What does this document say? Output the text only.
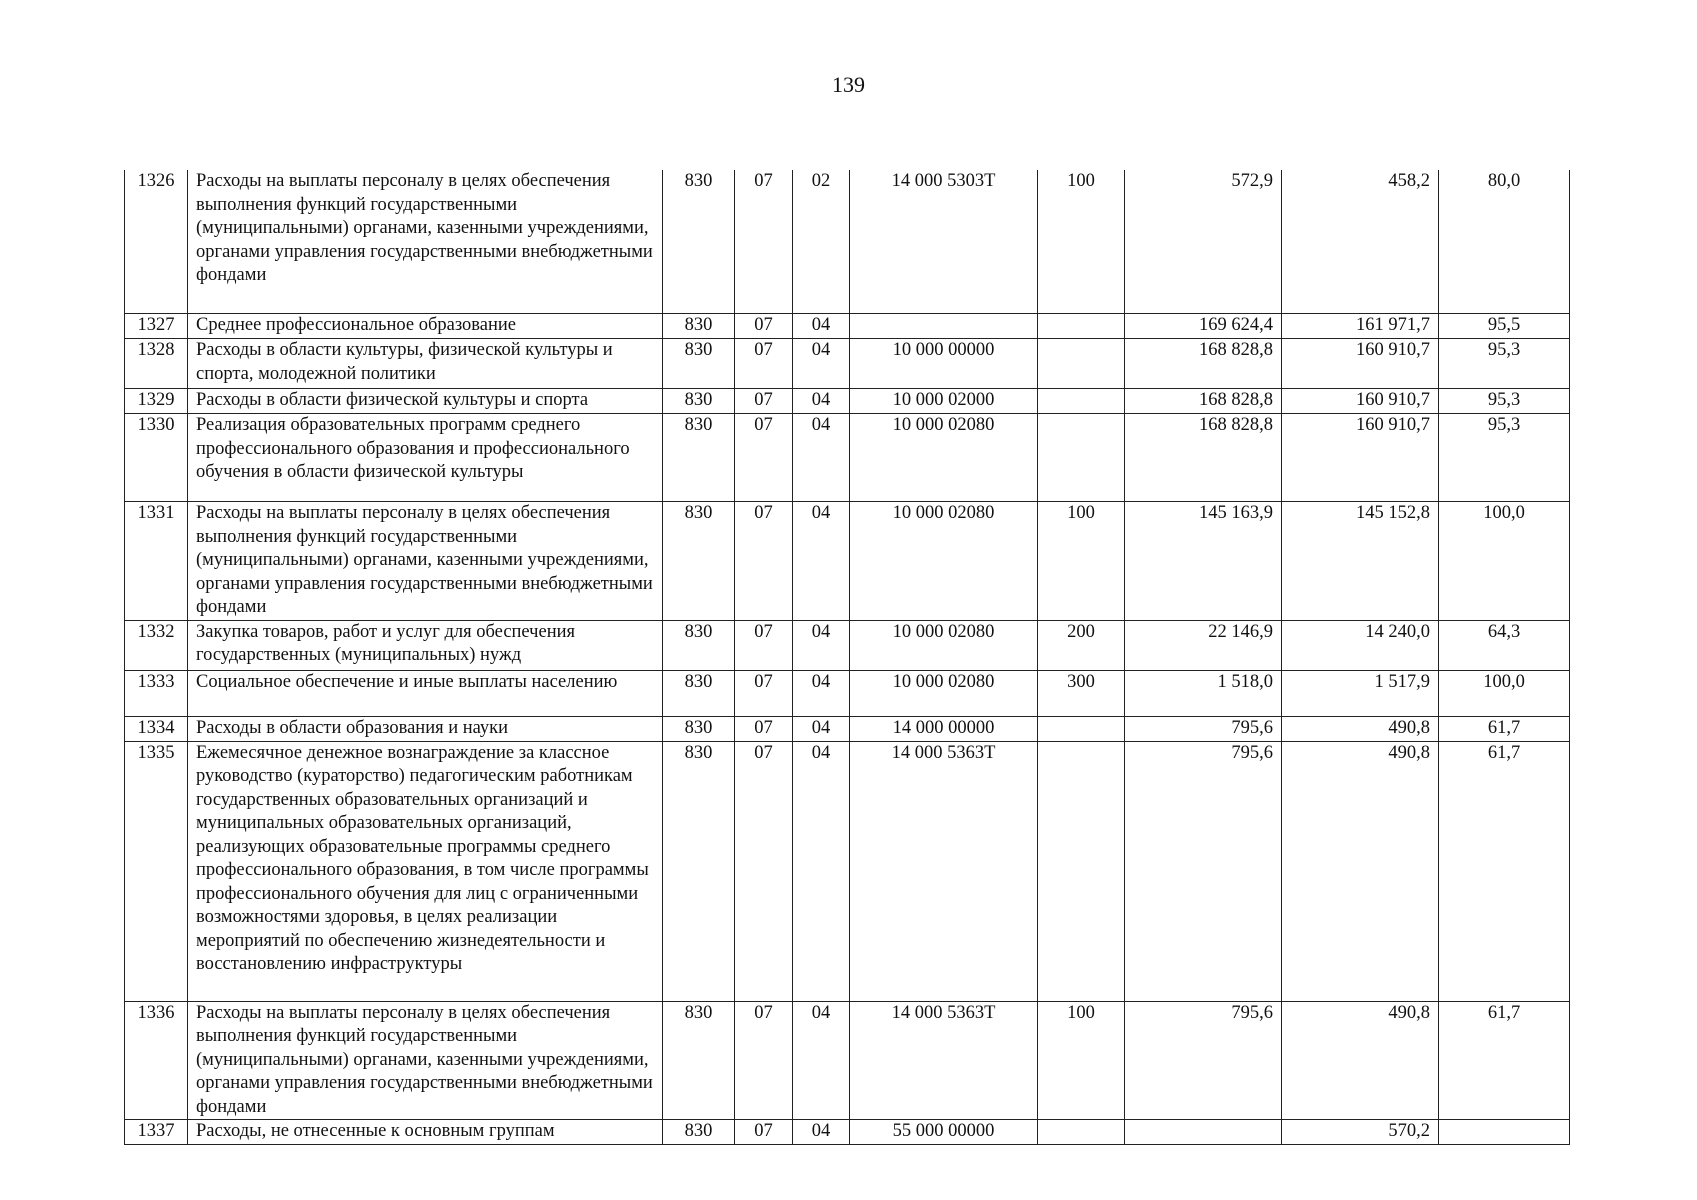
139
1326	Расходы на выплаты персоналу в целях обеспечения выполнения функций государственными (муниципальными) органами, казенными учреждениями, органами управления государственными внебюджетными фондами	830	07	02	14 000 5303Т	100	572,9	458,2	80,0
1327	Среднее профессиональное образование	830	07	04			169 624,4	161 971,7	95,5
1328	Расходы в области культуры, физической культуры и спорта, молодежной политики	830	07	04	10 000 00000		168 828,8	160 910,7	95,3
1329	Расходы в области физической культуры и спорта	830	07	04	10 000 02000		168 828,8	160 910,7	95,3
1330	Реализация образовательных программ среднего профессионального образования и профессионального обучения в области физической культуры	830	07	04	10 000 02080		168 828,8	160 910,7	95,3
1331	Расходы на выплаты персоналу в целях обеспечения выполнения функций государственными (муниципальными) органами, казенными учреждениями, органами управления государственными внебюджетными фондами	830	07	04	10 000 02080	100	145 163,9	145 152,8	100,0
1332	Закупка товаров, работ и услуг для обеспечения государственных (муниципальных) нужд	830	07	04	10 000 02080	200	22 146,9	14 240,0	64,3
1333	Социальное обеспечение и иные выплаты населению	830	07	04	10 000 02080	300	1 518,0	1 517,9	100,0
1334	Расходы в области образования и науки	830	07	04	14 000 00000		795,6	490,8	61,7
1335	Ежемесячное денежное вознаграждение за классное руководство (кураторство) педагогическим работникам государственных образовательных организаций и муниципальных образовательных организаций, реализующих образовательные программы среднего профессионального образования, в том числе программы профессионального обучения для лиц с ограниченными возможностями здоровья, в целях реализации мероприятий по обеспечению жизнедеятельности и восстановлению инфраструктуры	830	07	04	14 000 5363Т		795,6	490,8	61,7
1336	Расходы на выплаты персоналу в целях обеспечения выполнения функций государственными (муниципальными) органами, казенными учреждениями, органами управления государственными внебюджетными фондами	830	07	04	14 000 5363Т	100	795,6	490,8	61,7
1337	Расходы, не отнесенные к основным группам	830	07	04	55 000 00000			570,2	
